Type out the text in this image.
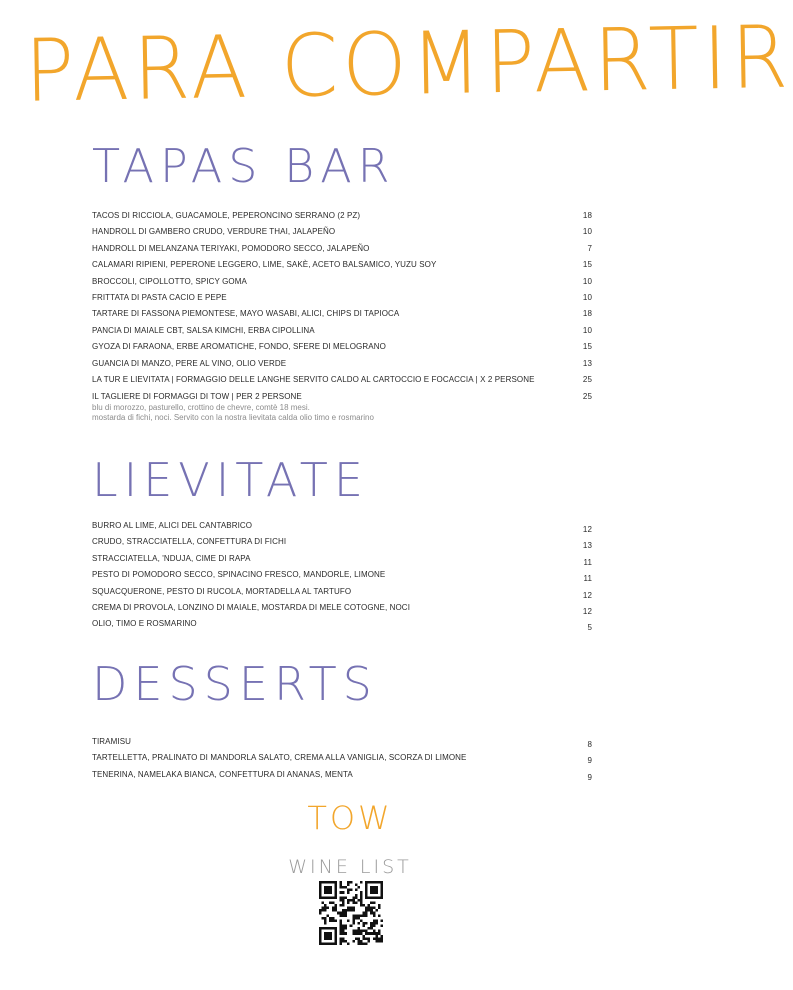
PARA COMPARTIR
TAPAS BAR
TACOS DI RICCIOLA, GUACAMOLE, PEPERONCINO SERRANO (2 PZ)	18
HANDROLL DI GAMBERO CRUDO, VERDURE THAI, JALAPEÑO	10
HANDROLL DI MELANZANA TERIYAKI, POMODORO SECCO, JALAPEÑO	7
CALAMARI RIPIENI, PEPERONE LEGGERO, LIME, SAKÈ, ACETO BALSAMICO, YUZU SOY	15
BROCCOLI, CIPOLLOTTO, SPICY GOMA	10
FRITTATA DI PASTA CACIO E PEPE	10
TARTARE DI FASSONA PIEMONTESE, MAYO WASABI, ALICI, CHIPS DI TAPIOCA	18
PANCIA DI MAIALE CBT, SALSA KIMCHI, ERBA CIPOLLINA	10
GYOZA DI FARAONA, ERBE AROMATICHE, FONDO, SFERE DI MELOGRANO	15
GUANCIA DI MANZO, PERE AL VINO, OLIO VERDE	13
LA TUR E LIEVITATA | FORMAGGIO DELLE LANGHE SERVITO CALDO AL CARTOCCIO E FOCACCIA | X 2 PERSONE	25
IL TAGLIERE DI FORMAGGI DI TOW | PER 2 PERSONE	25
blu di morozzo, pasturello, crottino de chevre, comtè 18 mesi.
mostarda di fichi, noci. Servito con la nostra lievitata calda olio timo e rosmarino
LIEVITATE
BURRO AL LIME, ALICI DEL CANTABRICO	12
CRUDO, STRACCIATELLA, CONFETTURA DI FICHI	13
STRACCIATELLA, 'NDUJA, CIME DI RAPA	11
PESTO DI POMODORO SECCO, SPINACINO FRESCO, MANDORLE, LIMONE	11
SQUACQUERONE, PESTO DI RUCOLA, MORTADELLA AL TARTUFO	12
CREMA DI PROVOLA, LONZINO DI MAIALE, MOSTARDA DI MELE COTOGNE, NOCI	12
OLIO, TIMO E ROSMARINO	5
DESSERTS
TIRAMISU	8
TARTELLETTA, PRALINATO DI MANDORLA SALATO, CREMA ALLA VANIGLIA, SCORZA DI LIMONE	9
TENERINA, NAMELAKA BIANCA, CONFETTURA DI ANANAS, MENTA	9
TOW
WINE LIST
